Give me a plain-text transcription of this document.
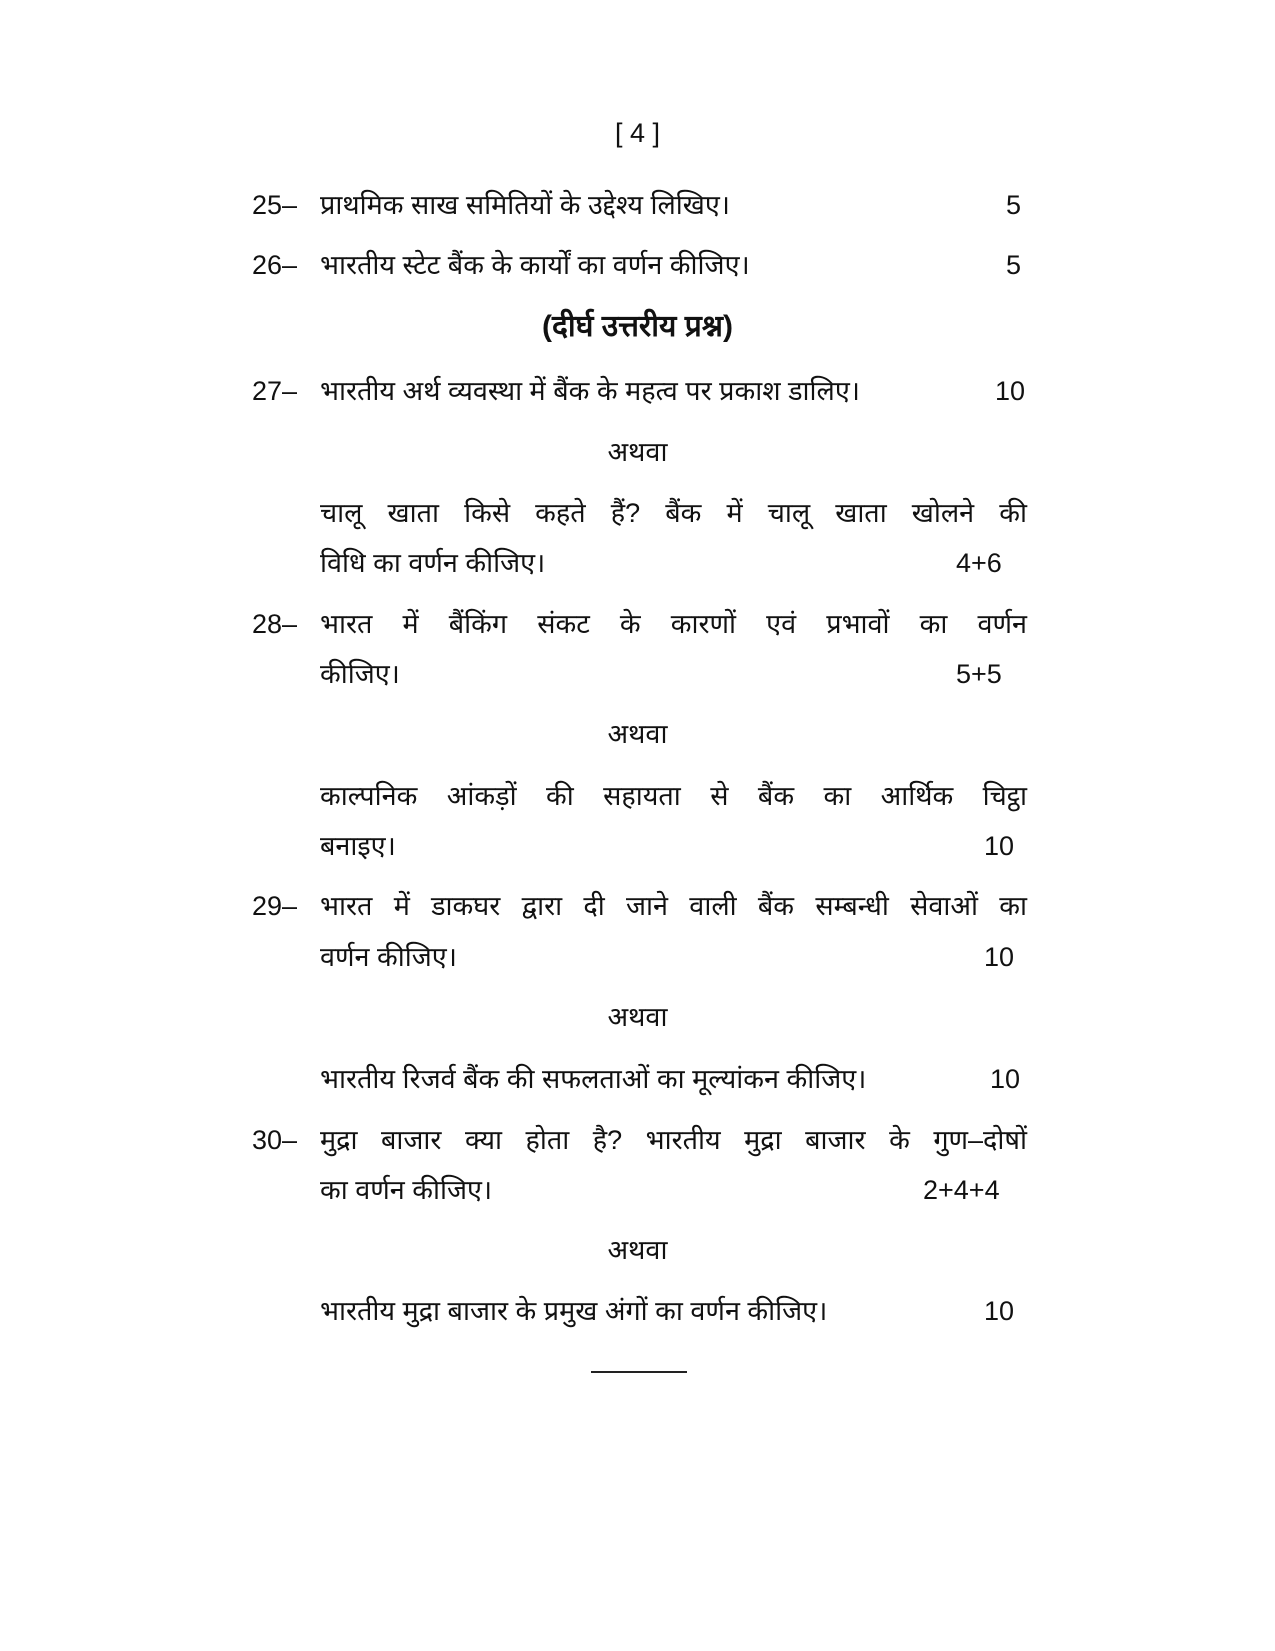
[ 4 ]
25– प्राथमिक साख समितियों के उद्देश्य लिखिए।	5
26– भारतीय स्टेट बैंक के कार्यों का वर्णन कीजिए।	5
(दीर्घ उत्तरीय प्रश्न)
27– भारतीय अर्थ व्यवस्था में बैंक के महत्व पर प्रकाश डालिए।	10
अथवा
चालू खाता किसे कहते हैं? बैंक में चालू खाता खोलने की
विधि का वर्णन कीजिए।	4+6
28– भारत में बैंकिंग संकट के कारणों एवं प्रभावों का वर्णन
कीजिए।	5+5
अथवा
काल्पनिक आंकड़ों की सहायता से बैंक का आर्थिक चिट्ठा
बनाइए।	10
29– भारत में डाकघर द्वारा दी जाने वाली बैंक सम्बन्धी सेवाओं का
वर्णन कीजिए।	10
अथवा
भारतीय रिजर्व बैंक की सफलताओं का मूल्यांकन कीजिए।	10
30– मुद्रा बाजार क्या होता है? भारतीय मुद्रा बाजार के गुण–दोषों
का वर्णन कीजिए।	2+4+4
अथवा
भारतीय मुद्रा बाजार के प्रमुख अंगों का वर्णन कीजिए।	10
